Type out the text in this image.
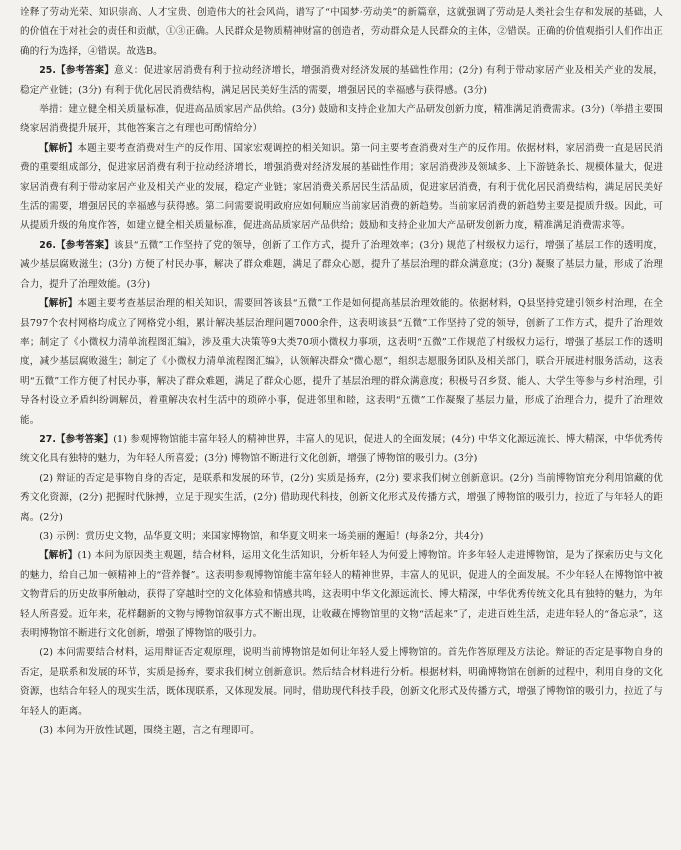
诠释了劳动光荣、知识崇高、人才宝贵、创造伟大的社会风尚，谱写了“中国梦·劳动美”的新篇章，这就强调了劳动是人类社会生存和发展的基础，人的价值在于对社会的责任和贡献，①③正确。人民群众是物质精神财富的创造者，劳动群众是人民群众的主体，②错误。正确的价值观指引人们作出正确的行为选择，④错误。故选B。

25.【参考答案】意义：促进家居消费有利于拉动经济增长，增强消费对经济发展的基础性作用；(2分) 有利于带动家居产业及相关产业的发展，稳定产业链；(3分) 有利于优化居民消费结构，满足居民美好生活的需要，增强居民的幸福感与获得感。(3分)

举措：建立健全相关质量标准，促进高品质家居产品供给。(3分) 鼓励和支持企业加大产品研发创新力度，精准满足消费需求。(3分)（举措主要围绕家居消费提升展开，其他答案言之有理也可酌情给分）

【解析】本题主要考查消费对生产的反作用、国家宏观调控的相关知识。第一问主要考查消费对生产的反作用。依据材料，家居消费一直是居民消费的重要组成部分，促进家居消费有利于拉动经济增长，增强消费对经济发展的基础性作用；家居消费涉及领域多、上下游链条长、规模体量大，促进家居消费有利于带动家居产业及相关产业的发展，稳定产业链；家居消费关系居民生活品质，促进家居消费，有利于优化居民消费结构，满足居民美好生活的需要，增强居民的幸福感与获得感。第二问需要说明政府应如何顺应当前家居消费的新趋势。当前家居消费的新趋势主要是提质升级。因此，可从提质升级的角度作答，如建立健全相关质量标准，促进高品质家居产品供给；鼓励和支持企业加大产品研发创新力度，精准满足消费需求等。

26.【参考答案】该县“五微”工作坚持了党的领导，创新了工作方式，提升了治理效率；(3分) 规范了村级权力运行，增强了基层工作的透明度，减少基层腐败滋生；(3分) 方便了村民办事，解决了群众难题，满足了群众心愿，提升了基层治理的群众满意度；(3分) 凝聚了基层力量，形成了治理合力，提升了治理效能。(3分)

【解析】本题主要考查基层治理的相关知识，需要回答该县“五微”工作是如何提高基层治理效能的。依据材料，Q县坚持党建引领乡村治理，在全县797个农村网格均成立了网格党小组，累计解决基层治理问题7000余件，这表明该县“五微”工作坚持了党的领导，创新了工作方式，提升了治理效率；制定了《小微权力清单流程图汇编》，涉及重大决策等9大类70项小微权力事项，这表明“五微”工作规范了村级权力运行，增强了基层工作的透明度，减少基层腐败滋生；制定了《小微权力清单流程图汇编》，认领解决群众“微心愿”，组织志愿服务团队及相关部门，联合开展进村服务活动，这表明“五微”工作方便了村民办事，解决了群众难题，满足了群众心愿，提升了基层治理的群众满意度；积极号召乡贤、能人、大学生等参与乡村治理，引导各村设立矛盾纠纷调解员，着重解决农村生活中的琐碎小事，促进邻里和睦，这表明“五微”工作凝聚了基层力量，形成了治理合力，提升了治理效能。

27.【参考答案】(1) 参观博物馆能丰富年轻人的精神世界，丰富人的见识，促进人的全面发展；(4分) 中华文化源远流长、博大精深，中华优秀传统文化具有独特的魅力，为年轻人所喜爱；(3分) 博物馆不断进行文化创新，增强了博物馆的吸引力。(3分)

(2) 辩证的否定是事物自身的否定，是联系和发展的环节，(2分) 实质是扬弃，(2分) 要求我们树立创新意识。(2分) 当前博物馆充分利用馆藏的优秀文化资源，(2分) 把握时代脉搏，立足于现实生活，(2分) 借助现代科技，创新文化形式及传播方式，增强了博物馆的吸引力，拉近了与年轻人的距离。(2分)

(3) 示例：赏历史文物，品华夏文明；来国家博物馆，和华夏文明来一场美丽的邂逅！(每条2分，共4分)

【解析】(1) 本问为原因类主观题，结合材料，运用文化生活知识，分析年轻人为何爱上博物馆。许多年轻人走进博物馆，是为了探索历史与文化的魅力，给自己加一顿精神上的“营养餐”。这表明参观博物馆能丰富年轻人的精神世界，丰富人的见识，促进人的全面发展。不少年轻人在博物馆中被文物背后的历史故事所触动，获得了穿越时空的文化体验和情感共鸣，这表明中华文化源远流长、博大精深，中华优秀传统文化具有独特的魅力，为年轻人所喜爱。近年来，花样翻新的文物与博物馆叙事方式不断出现，让收藏在博物馆里的文物“活起来”了，走进百姓生活，走进年轻人的“备忘录”，这表明博物馆不断进行文化创新，增强了博物馆的吸引力。

(2) 本问需要结合材料，运用辩证否定观原理，说明当前博物馆是如何让年轻人爱上博物馆的。首先作答原理及方法论。辩证的否定是事物自身的否定，是联系和发展的环节，实质是扬弃，要求我们树立创新意识。然后结合材料进行分析。根据材料，明确博物馆在创新的过程中，利用自身的文化资源，也结合年轻人的现实生活，既体现联系，又体现发展。同时，借助现代科技手段，创新文化形式及传播方式，增强了博物馆的吸引力，拉近了与年轻人的距离。

(3) 本问为开放性试题，围绕主题，言之有理即可。
